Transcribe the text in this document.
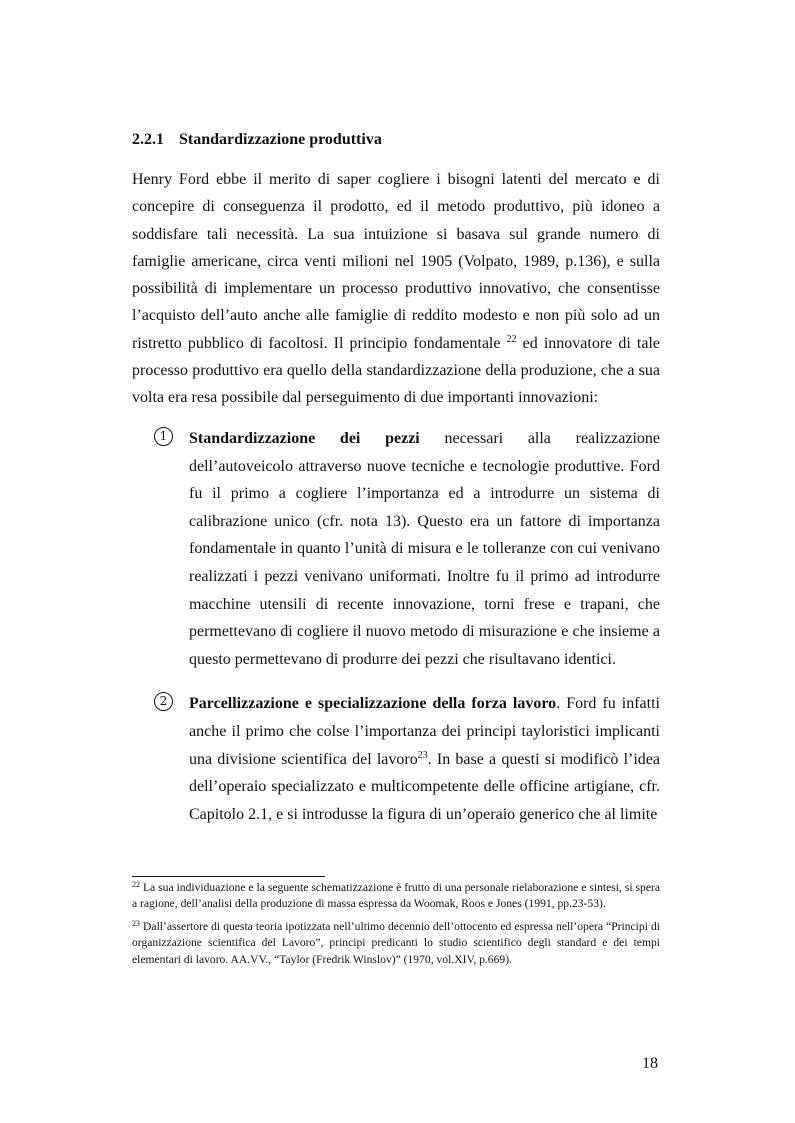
2.2.1 Standardizzazione produttiva

Henry Ford ebbe il merito di saper cogliere i bisogni latenti del mercato e di concepire di conseguenza il prodotto, ed il metodo produttivo, più idoneo a soddisfare tali necessità. La sua intuizione si basava sul grande numero di famiglie americane, circa venti milioni nel 1905 (Volpato, 1989, p.136), e sulla possibilità di implementare un processo produttivo innovativo, che consentisse l’acquisto dell’auto anche alle famiglie di reddito modesto e non più solo ad un ristretto pubblico di facoltosi. Il principio fondamentale $^{22}$ ed innovatore di tale processo produttivo era quello della standardizzazione della produzione, che a sua volta era resa possibile dal perseguimento di due importanti innovazioni:

1	Standardizzazione dei pezzi necessari alla realizzazione dell’autoveicolo attraverso nuove tecniche e tecnologie produttive. Ford fu il primo a cogliere l’importanza ed a introdurre un sistema di calibrazione unico (cfr. nota 13). Questo era un fattore di importanza fondamentale in quanto l’unità di misura e le tolleranze con cui venivano realizzati i pezzi venivano uniformati. Inoltre fu il primo ad introdurre macchine utensili di recente innovazione, torni frese e trapani, che permettevano di cogliere il nuovo metodo di misurazione e che insieme a questo permettevano di produrre dei pezzi che risultavano identici.
2	Parcellizzazione e specializzazione della forza lavoro. Ford fu infatti anche il primo che colse l’importanza dei principi tayloristici implicanti una divisione scientifica del lavoro$^{23}$. In base a questi si modificò l’idea dell’operaio specializzato e multicompetente delle officine artigiane, cfr. Capitolo 2.1, e si introdusse la figura di un’operaio generico che al limite

$^{22}$ La sua individuazione e la seguente schematizzazione è frutto di una personale rielaborazione e sintesi, si spera a ragione, dell’analisi della produzione di massa espressa da Woomak, Roos e Jones (1991, pp.23-53).

$^{23}$ Dall’assertore di questa teoria ipotizzata nell’ultimo decennio dell’ottocento ed espressa nell’opera “Principi di organizzazione scientifica del Lavoro”, principi predicanti lo studio scientifico degli standard e dei tempi elementari di lavoro. AA.VV., “Taylor (Fredrik Winslov)” (1970, vol.XIV, p.669).

18
